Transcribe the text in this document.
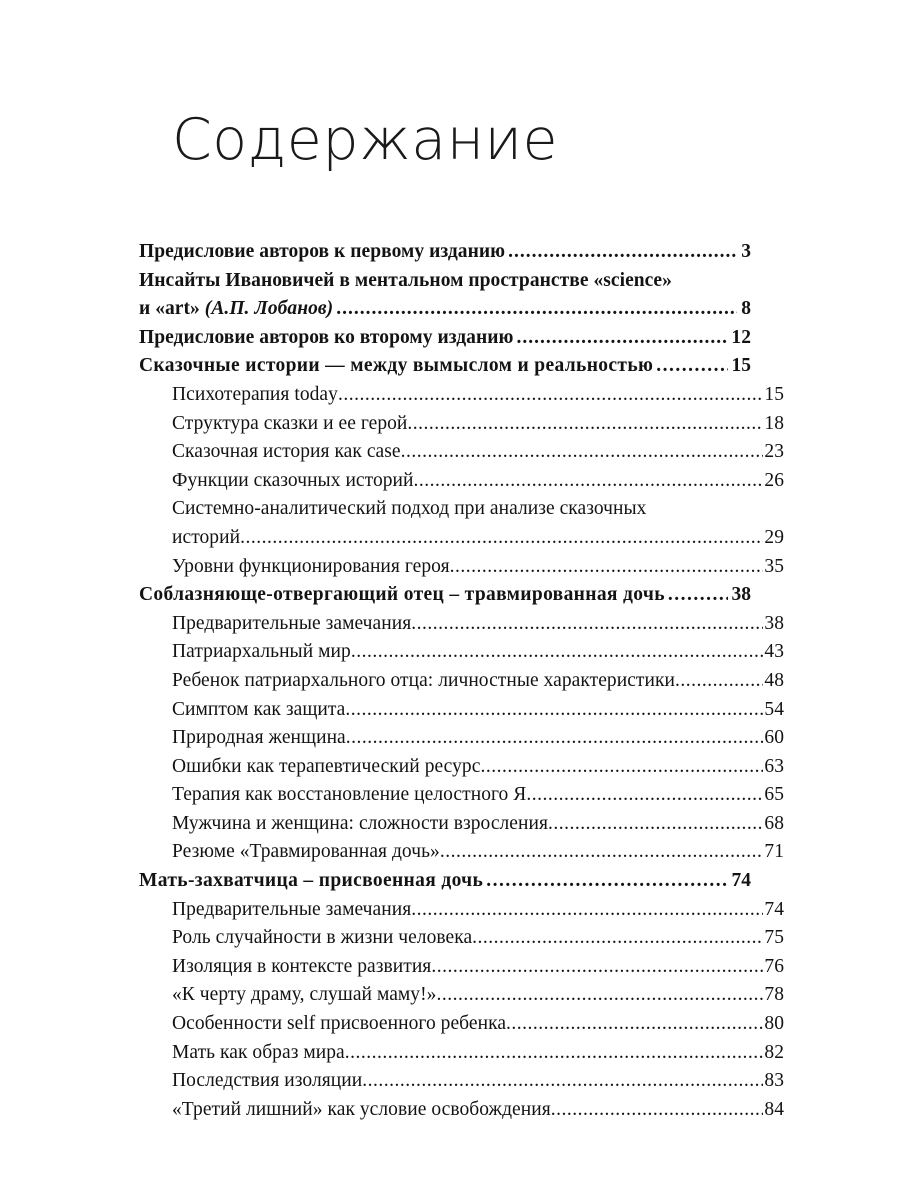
Содержание
Предисловие авторов к первому изданию .....	3
Инсайты Ивановичей в ментальном пространстве «science»
и «art» (А.П. Лобанов) .....	8
Предисловие авторов ко второму изданию .....	12
Сказочные истории — между вымыслом и реальностью .....	15
Психотерапия today .....	15
Структура сказки и ее герой .....	18
Сказочная история как case .....	23
Функции сказочных историй .....	26
Системно-аналитический подход при анализе сказочных
историй .....	29
Уровни функционирования героя .....	35
Соблазняюще-отвергающий отец – травмированная дочь .....	38
Предварительные замечания .....	38
Патриархальный мир .....	43
Ребенок патриархального отца: личностные характеристики .....	48
Симптом как защита .....	54
Природная женщина .....	60
Ошибки как терапевтический ресурс .....	63
Терапия как восстановление целостного Я .....	65
Мужчина и женщина: сложности взросления .....	68
Резюме «Травмированная дочь» .....	71
Мать-захватчица – присвоенная дочь .....	74
Предварительные замечания .....	74
Роль случайности в жизни человека .....	75
Изоляция в контексте развития .....	76
«К черту драму, слушай маму!» .....	78
Особенности self присвоенного ребенка .....	80
Мать как образ мира .....	82
Последствия изоляции .....	83
«Третий лишний» как условие освобождения .....	84
